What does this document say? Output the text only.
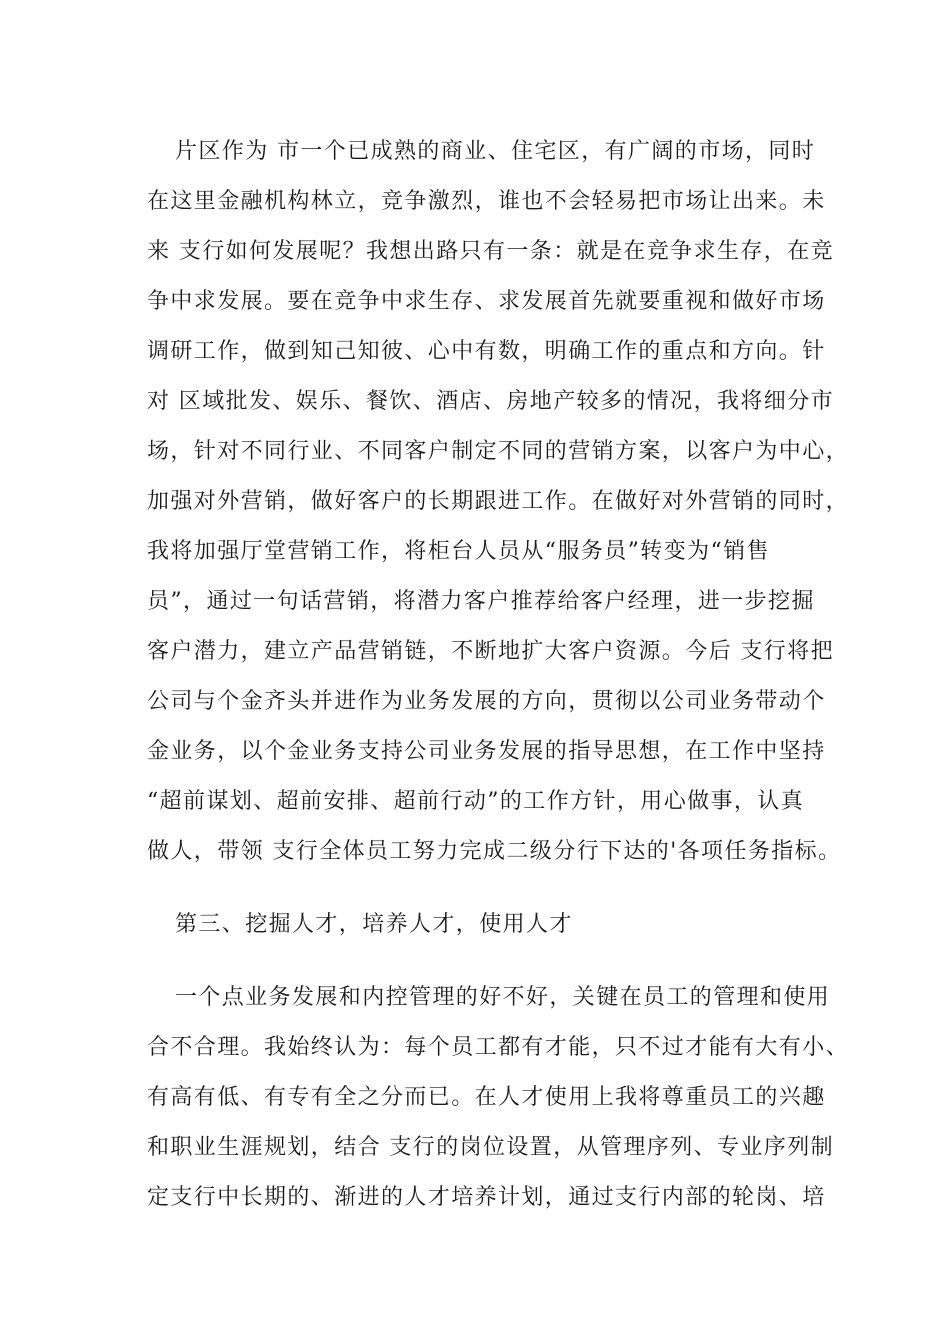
片区作为 市一个已成熟的商业、住宅区，有广阔的市场，同时

在这里金融机构林立，竞争激烈，谁也不会轻易把市场让出来。未

来 支行如何发展呢？我想出路只有一条：就是在竞争求生存，在竞

争中求发展。要在竞争中求生存、求发展首先就要重视和做好市场

调研工作，做到知己知彼、心中有数，明确工作的重点和方向。针

对 区域批发、娱乐、餐饮、酒店、房地产较多的情况，我将细分市

场，针对不同行业、不同客户制定不同的营销方案，以客户为中心，

加强对外营销，做好客户的长期跟进工作。在做好对外营销的同时，

我将加强厅堂营销工作，将柜台人员从“服务员”转变为“销售

员”，通过一句话营销，将潜力客户推荐给客户经理，进一步挖掘

客户潜力，建立产品营销链，不断地扩大客户资源。今后 支行将把

公司与个金齐头并进作为业务发展的方向，贯彻以公司业务带动个

金业务，以个金业务支持公司业务发展的指导思想，在工作中坚持

“超前谋划、超前安排、超前行动”的工作方针，用心做事，认真

做人，带领 支行全体员工努力完成二级分行下达的'各项任务指标。

第三、挖掘人才，培养人才，使用人才

一个点业务发展和内控管理的好不好，关键在员工的管理和使用

合不合理。我始终认为：每个员工都有才能，只不过才能有大有小、

有高有低、有专有全之分而已。在人才使用上我将尊重员工的兴趣

和职业生涯规划，结合 支行的岗位设置，从管理序列、专业序列制

定支行中长期的、渐进的人才培养计划，通过支行内部的轮岗、培
